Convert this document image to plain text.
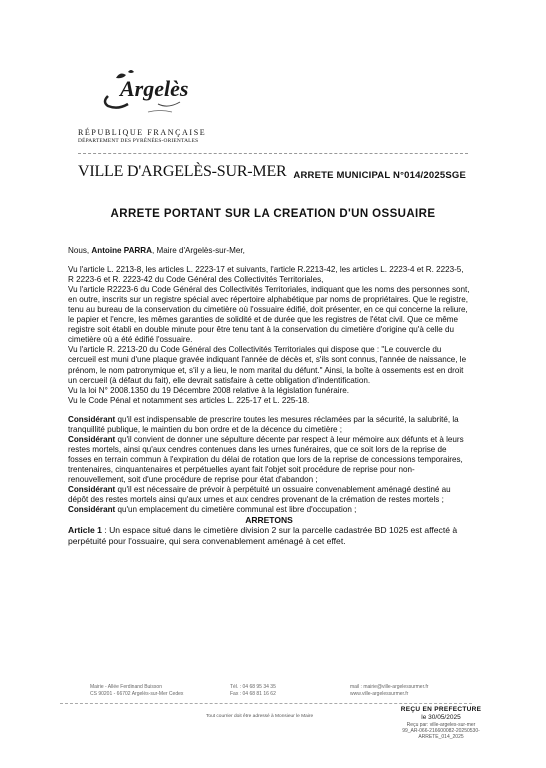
Argelès
RÉPUBLIQUE FRANÇAISE
DÉPARTEMENT DES PYRÉNÉES-ORIENTALES
VILLE D'ARGELÈS-SUR-MER ARRETE MUNICIPAL N°014/2025SGE
ARRETE PORTANT SUR LA CREATION D'UN OSSUAIRE

Nous, Antoine PARRA, Maire d'Argelès-sur-Mer,

Vu l'article L. 2213-8, les articles L. 2223-17 et suivants, l'article R.2213-42, les articles L. 2223-4 et R. 2223-5, R 2223-6 et R. 2223-42 du Code Général des Collectivités Territoriales,

Vu l'article R2223-6 du Code Général des Collectivités Territoriales, indiquant que les noms des personnes sont, en outre, inscrits sur un registre spécial avec répertoire alphabétique par noms de propriétaires. Que le registre, tenu au bureau de la conservation du cimetière où l'ossuaire édifié, doit présenter, en ce qui concerne la reliure, le papier et l'encre, les mêmes garanties de solidité et de durée que les registres de l'état civil. Que ce même registre soit établi en double minute pour être tenu tant à la conservation du cimetière d'origine qu'à celle du cimetière où a été édifié l'ossuaire.

Vu l'article R. 2213-20 du Code Général des Collectivités Territoriales qui dispose que : "Le couvercle du cercueil est muni d'une plaque gravée indiquant l'année de décès et, s'ils sont connus, l'année de naissance, le prénom, le nom patronymique et, s'il y a lieu, le nom marital du défunt." Ainsi, la boîte à ossements est en droit un cercueil (à défaut du fait), elle devrait satisfaire à cette obligation d'indentification.

Vu la loi N° 2008.1350 du 19 Décembre 2008 relative à la législation funéraire.

Vu le Code Pénal et notamment ses articles L. 225-17 et L. 225-18.

Considérant qu'il est indispensable de prescrire toutes les mesures réclamées par la sécurité, la salubrité, la tranquillité publique, le maintien du bon ordre et de la décence du cimetière ;

Considérant qu'il convient de donner une sépulture décente par respect à leur mémoire aux défunts et à leurs restes mortels, ainsi qu'aux cendres contenues dans les urnes funéraires, que ce soit lors de la reprise de fosses en terrain commun à l'expiration du délai de rotation que lors de la reprise de concessions temporaires, trentenaires, cinquantenaires et perpétuelles ayant fait l'objet soit procédure de reprise pour non-renouvellement, soit d'une procédure de reprise pour état d'abandon ;

Considérant qu'il est nécessaire de prévoir à perpétuité un ossuaire convenablement aménagé destiné au dépôt des restes mortels ainsi qu'aux urnes et aux cendres provenant de la crémation de restes mortels ;

Considérant qu'un emplacement du cimetière communal est libre d'occupation ;

ARRETONS

Article 1 : Un espace situé dans le cimetière division 2 sur la parcelle cadastrée BD 1025 est affecté à perpétuité pour l'ossuaire, qui sera convenablement aménagé à cet effet.

Mairie - Allée Ferdinand Buisson
CS 90201 - 66702 Argelès-sur-Mer Cedex
Tél. : 04 68 95 34 35
Fax : 04 68 81 16 62
mail : mairie@ville-argelessurmer.fr
www.ville-argelessurmer.fr
Tout courrier doit être adressé à Monsieur le Maire
REÇU EN PREFECTURE
le 30/05/2025
Reçu par: ville-argeles-sur-mer
99_AR-066-216600082-20250530-ARRETE_014_2025
